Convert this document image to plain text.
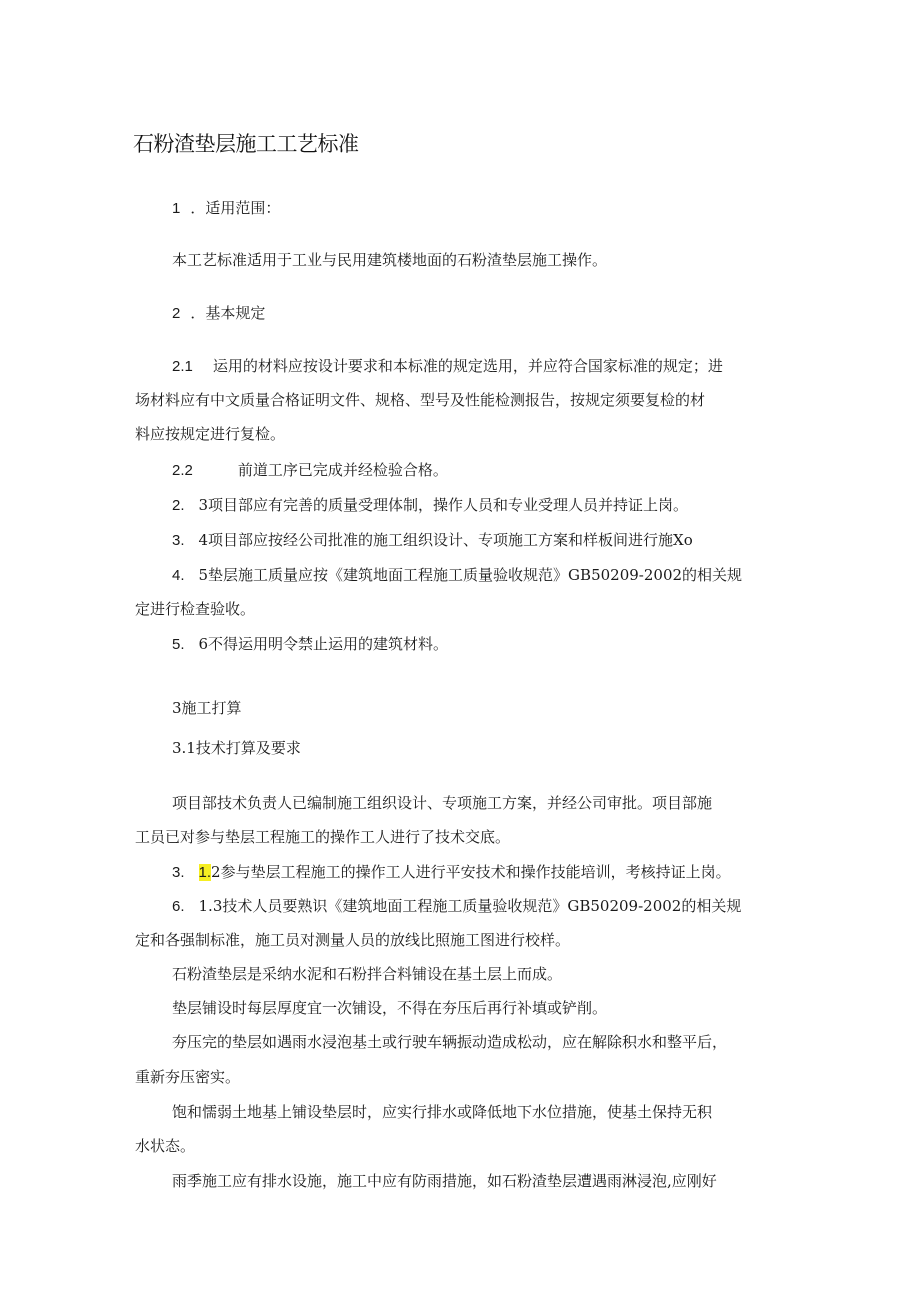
石粉渣垫层施工工艺标准
1 ．适用范围：
本工艺标准适用于工业与民用建筑楼地面的石粉渣垫层施工操作。
2 ．基本规定
2.1 运用的材料应按设计要求和本标准的规定选用，并应符合国家标准的规定；进
场材料应有中文质量合格证明文件、规格、型号及性能检测报告，按规定须要复检的材
料应按规定进行复检。
2.2	前道工序已完成并经检验合格。
2. 3项目部应有完善的质量受理体制，操作人员和专业受理人员并持证上岗。
3. 4项目部应按经公司批准的施工组织设计、专项施工方案和样板间进行施Xo
4. 5垫层施工质量应按《建筑地面工程施工质量验收规范》GB50209-2002的相关规
定进行检查验收。
5. 6不得运用明令禁止运用的建筑材料。
3施工打算
3.1技术打算及要求
项目部技术负责人已编制施工组织设计、专项施工方案，并经公司审批。项目部施
工员已对参与垫层工程施工的操作工人进行了技术交底。
3. 1.2参与垫层工程施工的操作工人进行平安技术和操作技能培训，考核持证上岗。
6. 1.3技术人员要熟识《建筑地面工程施工质量验收规范》GB50209-2002的相关规
定和各强制标准，施工员对测量人员的放线比照施工图进行校样。
石粉渣垫层是采纳水泥和石粉拌合料铺设在基土层上而成。
垫层铺设时每层厚度宜一次铺设，不得在夯压后再行补填或铲削。
夯压完的垫层如遇雨水浸泡基土或行驶车辆振动造成松动，应在解除积水和整平后，
重新夯压密实。
饱和懦弱土地基上铺设垫层时，应实行排水或降低地下水位措施，使基土保持无积
水状态。
雨季施工应有排水设施，施工中应有防雨措施，如石粉渣垫层遭遇雨淋浸泡,应刚好
